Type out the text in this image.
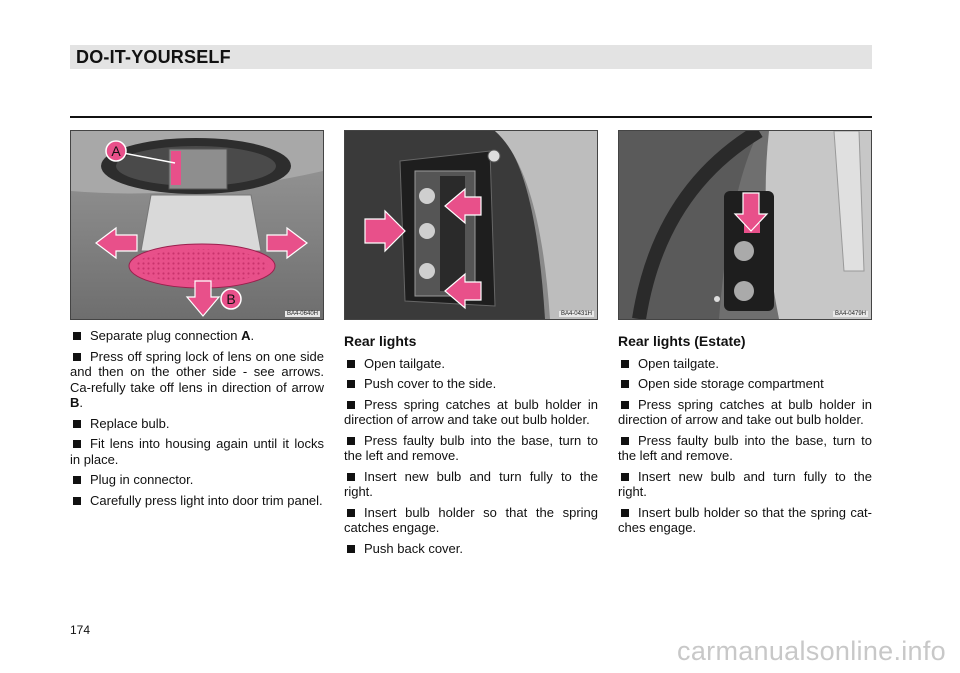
DO-IT-YOURSELF
A
B
BA4-0640H	BA4-0431H	BA4-0479H

Separate plug connection A.

Press off spring lock of lens on one side and then on the other side - see arrows. Ca-refully take off lens in direction of arrow B.

Replace bulb.

Fit lens into housing again until it locks in place.

Plug in connector.

Carefully press light into door trim panel.

Rear lights

Open tailgate.

Push cover to the side.

Press spring catches at bulb holder in direction of arrow and take out bulb holder.

Press faulty bulb into the base, turn to the left and remove.

Insert new bulb and turn fully to the right.

Insert bulb holder so that the spring catches engage.

Push back cover.

Rear lights (Estate)

Open tailgate.

Open side storage compartment

Press spring catches at bulb holder in direction of arrow and take out bulb holder.

Press faulty bulb into the base, turn to the left and remove.

Insert new bulb and turn fully to the right.

Insert bulb holder so that the spring cat-ches engage.

174
carmanualsonline.info
